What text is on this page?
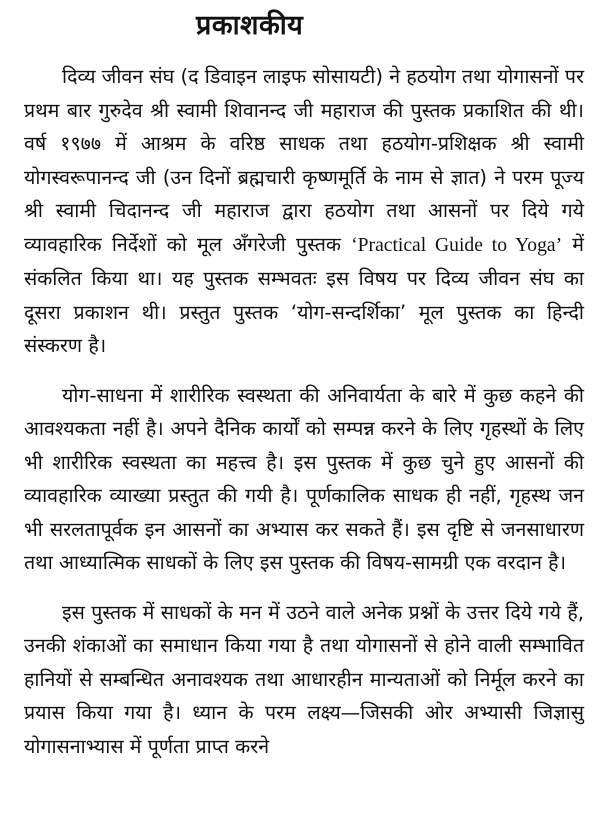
प्रकाशकीय

दिव्य जीवन संघ (द डिवाइन लाइफ सोसायटी) ने हठयोग तथा योगासनों पर प्रथम बार गुरुदेव श्री स्वामी शिवानन्द जी महाराज की पुस्तक प्रकाशित की थी। वर्ष १९७७ में आश्रम के वरिष्ठ साधक तथा हठयोग-प्रशिक्षक श्री स्वामी योगस्वरूपानन्द जी (उन दिनों ब्रह्मचारी कृष्णमूर्ति के नाम से ज्ञात) ने परम पूज्य श्री स्वामी चिदानन्द जी महाराज द्वारा हठयोग तथा आसनों पर दिये गये व्यावहारिक निर्देशों को मूल अँगरेजी पुस्तक ‘Practical Guide to Yoga’ में संकलित किया था। यह पुस्तक सम्भवतः इस विषय पर दिव्य जीवन संघ का दूसरा प्रकाशन थी। प्रस्तुत पुस्तक ‘योग-सन्दर्शिका’ मूल पुस्तक का हिन्दी संस्करण है।

योग-साधना में शारीरिक स्वस्थता की अनिवार्यता के बारे में कुछ कहने की आवश्यकता नहीं है। अपने दैनिक कार्यों को सम्पन्न करने के लिए गृहस्थों के लिए भी शारीरिक स्वस्थता का महत्त्व है। इस पुस्तक में कुछ चुने हुए आसनों की व्यावहारिक व्याख्या प्रस्तुत की गयी है। पूर्णकालिक साधक ही नहीं, गृहस्थ जन भी सरलतापूर्वक इन आसनों का अभ्यास कर सकते हैं। इस दृष्टि से जनसाधारण तथा आध्यात्मिक साधकों के लिए इस पुस्तक की विषय-सामग्री एक वरदान है।

इस पुस्तक में साधकों के मन में उठने वाले अनेक प्रश्नों के उत्तर दिये गये हैं, उनकी शंकाओं का समाधान किया गया है तथा योगासनों से होने वाली सम्भावित हानियों से सम्बन्धित अनावश्यक तथा आधारहीन मान्यताओं को निर्मूल करने का प्रयास किया गया है। ध्यान के परम लक्ष्य—जिसकी ओर अभ्यासी जिज्ञासु योगासनाभ्यास में पूर्णता प्राप्त करने
